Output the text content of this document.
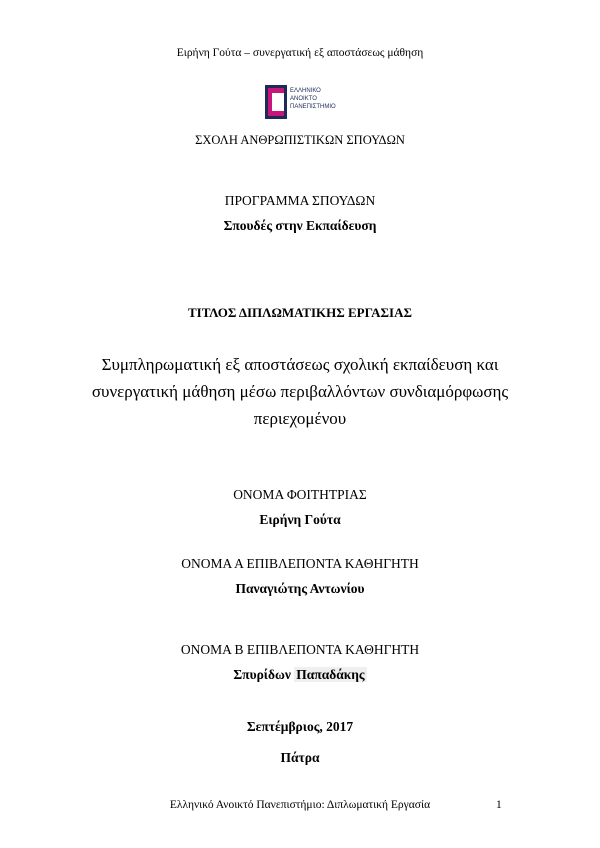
Ειρήνη Γούτα – συνεργατική εξ αποστάσεως μάθηση
ΕΛΛΗΝΙΚΟ
ΑΝΟΙΚΤΟ
ΠΑΝΕΠΙΣΤΗΜΙΟ
ΣΧΟΛΗ ΑΝΘΡΩΠΙΣΤΙΚΩΝ ΣΠΟΥΔΩΝ
ΠΡΟΓΡΑΜΜΑ ΣΠΟΥΔΩΝ
Σπουδές στην Εκπαίδευση
ΤΙΤΛΟΣ ΔΙΠΛΩΜΑΤΙΚΗΣ ΕΡΓΑΣΙΑΣ
Συμπληρωματική εξ αποστάσεως σχολική εκπαίδευση και
συνεργατική μάθηση μέσω περιβαλλόντων συνδιαμόρφωσης
περιεχομένου
ΟΝΟΜΑ ΦΟΙΤΗΤΡΙΑΣ
Ειρήνη Γούτα
ΟΝΟΜΑ Α ΕΠΙΒΛΕΠΟΝΤΑ ΚΑΘΗΓΗΤΗ
Παναγιώτης Αντωνίου
ΟΝΟΜΑ Β ΕΠΙΒΛΕΠΟΝΤΑ ΚΑΘΗΓΗΤΗ
Σπυρίδων Παπαδάκης
Σεπτέμβριος, 2017
Πάτρα
Ελληνικό Ανοικτό Πανεπιστήμιο: Διπλωματική Εργασία	1
